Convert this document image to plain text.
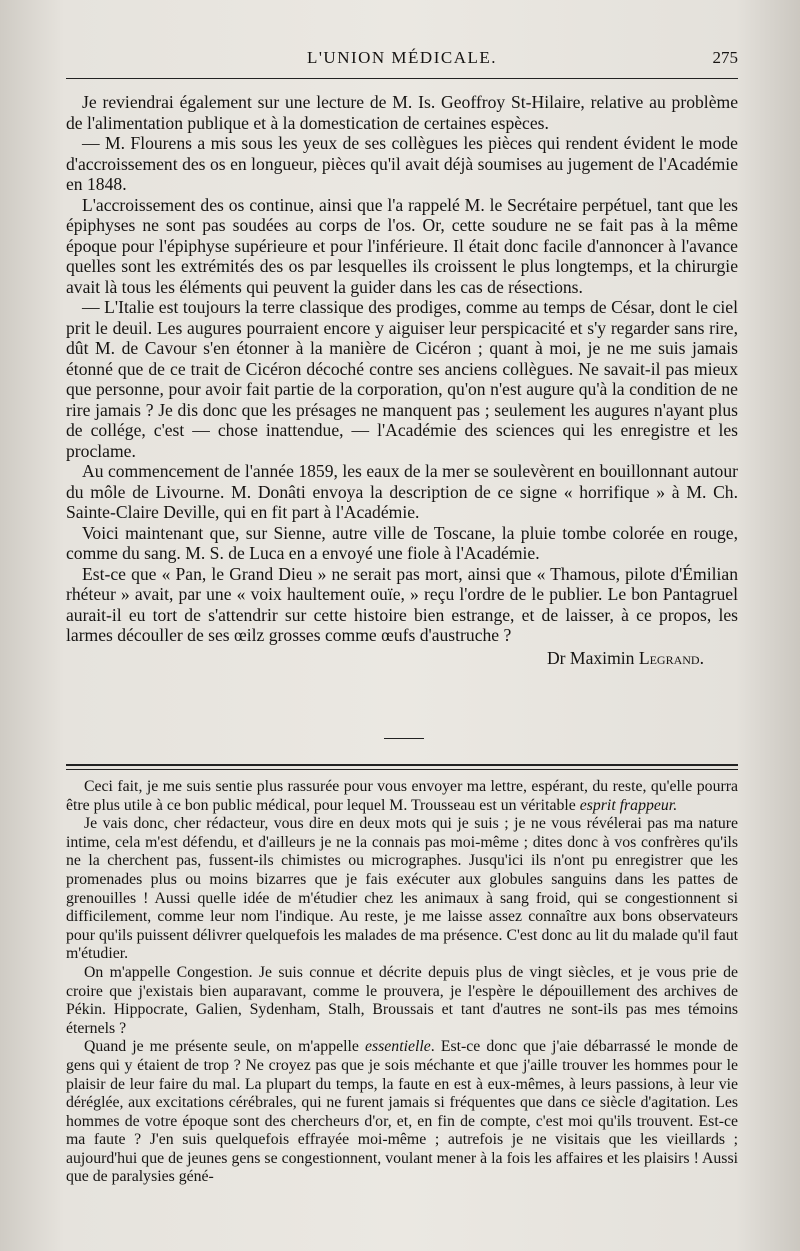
L'UNION MÉDICALE.	275

Je reviendrai également sur une lecture de M. Is. Geoffroy St-Hilaire, relative au problème de l'alimentation publique et à la domestication de certaines espèces.

— M. Flourens a mis sous les yeux de ses collègues les pièces qui rendent évident le mode d'accroissement des os en longueur, pièces qu'il avait déjà soumises au jugement de l'Académie en 1848.

L'accroissement des os continue, ainsi que l'a rappelé M. le Secrétaire perpétuel, tant que les épiphyses ne sont pas soudées au corps de l'os. Or, cette soudure ne se fait pas à la même époque pour l'épiphyse supérieure et pour l'inférieure. Il était donc facile d'annoncer à l'avance quelles sont les extrémités des os par lesquelles ils croissent le plus longtemps, et la chirurgie avait là tous les éléments qui peuvent la guider dans les cas de résections.

— L'Italie est toujours la terre classique des prodiges, comme au temps de César, dont le ciel prit le deuil. Les augures pourraient encore y aiguiser leur perspicacité et s'y regarder sans rire, dût M. de Cavour s'en étonner à la manière de Cicéron ; quant à moi, je ne me suis jamais étonné que de ce trait de Cicéron décoché contre ses anciens collègues. Ne savait-il pas mieux que personne, pour avoir fait partie de la corporation, qu'on n'est augure qu'à la condition de ne rire jamais ? Je dis donc que les présages ne manquent pas ; seulement les augures n'ayant plus de collége, c'est — chose inattendue, — l'Académie des sciences qui les enregistre et les proclame.

Au commencement de l'année 1859, les eaux de la mer se soulevèrent en bouillonnant autour du môle de Livourne. M. Donâti envoya la description de ce signe « horrifique » à M. Ch. Sainte-Claire Deville, qui en fit part à l'Académie.

Voici maintenant que, sur Sienne, autre ville de Toscane, la pluie tombe colorée en rouge, comme du sang. M. S. de Luca en a envoyé une fiole à l'Académie.

Est-ce que « Pan, le Grand Dieu » ne serait pas mort, ainsi que « Thamous, pilote d'Émilian rhéteur » avait, par une « voix haultement ouïe, » reçu l'ordre de le publier. Le bon Pantagruel aurait-il eu tort de s'attendrir sur cette histoire bien estrange, et de laisser, à ce propos, les larmes découller de ses œilz grosses comme œufs d'austruche ?

Dr Maximin Legrand.

Ceci fait, je me suis sentie plus rassurée pour vous envoyer ma lettre, espérant, du reste, qu'elle pourra être plus utile à ce bon public médical, pour lequel M. Trousseau est un véritable esprit frappeur.

Je vais donc, cher rédacteur, vous dire en deux mots qui je suis ; je ne vous révélerai pas ma nature intime, cela m'est défendu, et d'ailleurs je ne la connais pas moi-même ; dites donc à vos confrères qu'ils ne la cherchent pas, fussent-ils chimistes ou micrographes. Jusqu'ici ils n'ont pu enregistrer que les promenades plus ou moins bizarres que je fais exécuter aux globules sanguins dans les pattes de grenouilles ! Aussi quelle idée de m'étudier chez les animaux à sang froid, qui se congestionnent si difficilement, comme leur nom l'indique. Au reste, je me laisse assez connaître aux bons observateurs pour qu'ils puissent délivrer quelquefois les malades de ma présence. C'est donc au lit du malade qu'il faut m'étudier.

On m'appelle Congestion. Je suis connue et décrite depuis plus de vingt siècles, et je vous prie de croire que j'existais bien auparavant, comme le prouvera, je l'espère le dépouillement des archives de Pékin. Hippocrate, Galien, Sydenham, Stalh, Broussais et tant d'autres ne sont-ils pas mes témoins éternels ?

Quand je me présente seule, on m'appelle essentielle. Est-ce donc que j'aie débarrassé le monde de gens qui y étaient de trop ? Ne croyez pas que je sois méchante et que j'aille trouver les hommes pour le plaisir de leur faire du mal. La plupart du temps, la faute en est à eux-mêmes, à leurs passions, à leur vie déréglée, aux excitations cérébrales, qui ne furent jamais si fréquentes que dans ce siècle d'agitation. Les hommes de votre époque sont des chercheurs d'or, et, en fin de compte, c'est moi qu'ils trouvent. Est-ce ma faute ? J'en suis quelquefois effrayée moi-même ; autrefois je ne visitais que les vieillards ; aujourd'hui que de jeunes gens se congestionnent, voulant mener à la fois les affaires et les plaisirs ! Aussi que de paralysies géné-
